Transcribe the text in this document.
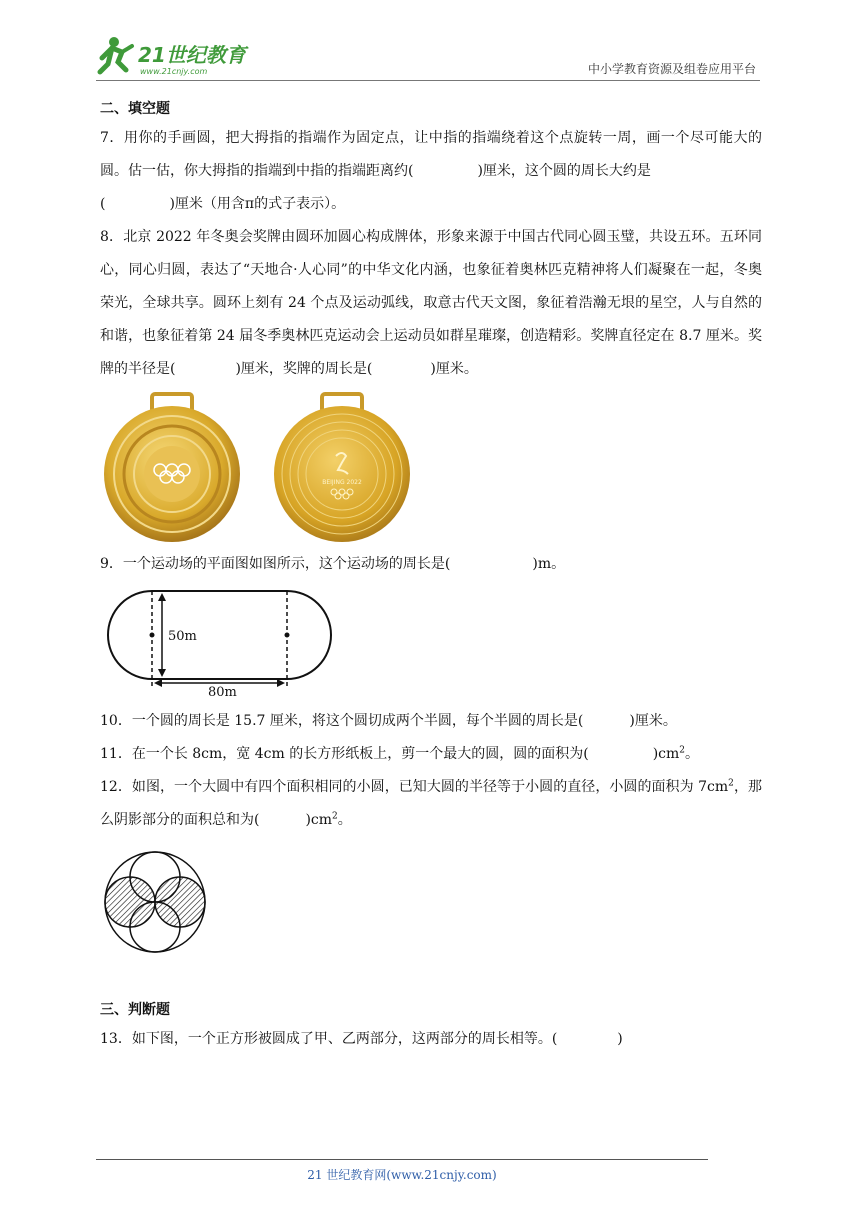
21世纪教育
www.21cnjy.com	中小学教育资源及组卷应用平台
二、填空题

7．用你的手画圆，把大拇指的指端作为固定点，让中指的指端绕着这个点旋转一周，画一个尽可能大的圆。估一估，你大拇指的指端到中指的指端距离约(	)厘米，这个圆的周长大约是
(	)厘米（用含π的式子表示）。

8．北京 2022 年冬奥会奖牌由圆环加圆心构成牌体，形象来源于中国古代同心圆玉璧，共设五环。五环同心，同心归圆，表达了“天地合·人心同”的中华文化内涵，也象征着奥林匹克精神将人们凝聚在一起，冬奥荣光，全球共享。圆环上刻有 24 个点及运动弧线，取意古代天文图，象征着浩瀚无垠的星空，人与自然的和谐，也象征着第 24 届冬季奥林匹克运动会上运动员如群星璀璨，创造精彩。奖牌直径定在 8.7 厘米。奖牌的半径是(	)厘米，奖牌的周长是(	)厘米。

BEIJING 2022

9．一个运动场的平面图如图所示，这个运动场的周长是(	)m。

50m
80m

10．一个圆的周长是 15.7 厘米，将这个圆切成两个半圆，每个半圆的周长是(	)厘米。

11．在一个长 8cm，宽 4cm 的长方形纸板上，剪一个最大的圆，圆的面积为(	)$cm^2$。

12．如图，一个大圆中有四个面积相同的小圆，已知大圆的半径等于小圆的直径，小圆的面积为 $7cm^2$，那么阴影部分的面积总和为(	)$cm^2$。

三、判断题

13．如下图，一个正方形被圆成了甲、乙两部分，这两部分的周长相等。(	)

21 世纪教育网(www.21cnjy.com)
